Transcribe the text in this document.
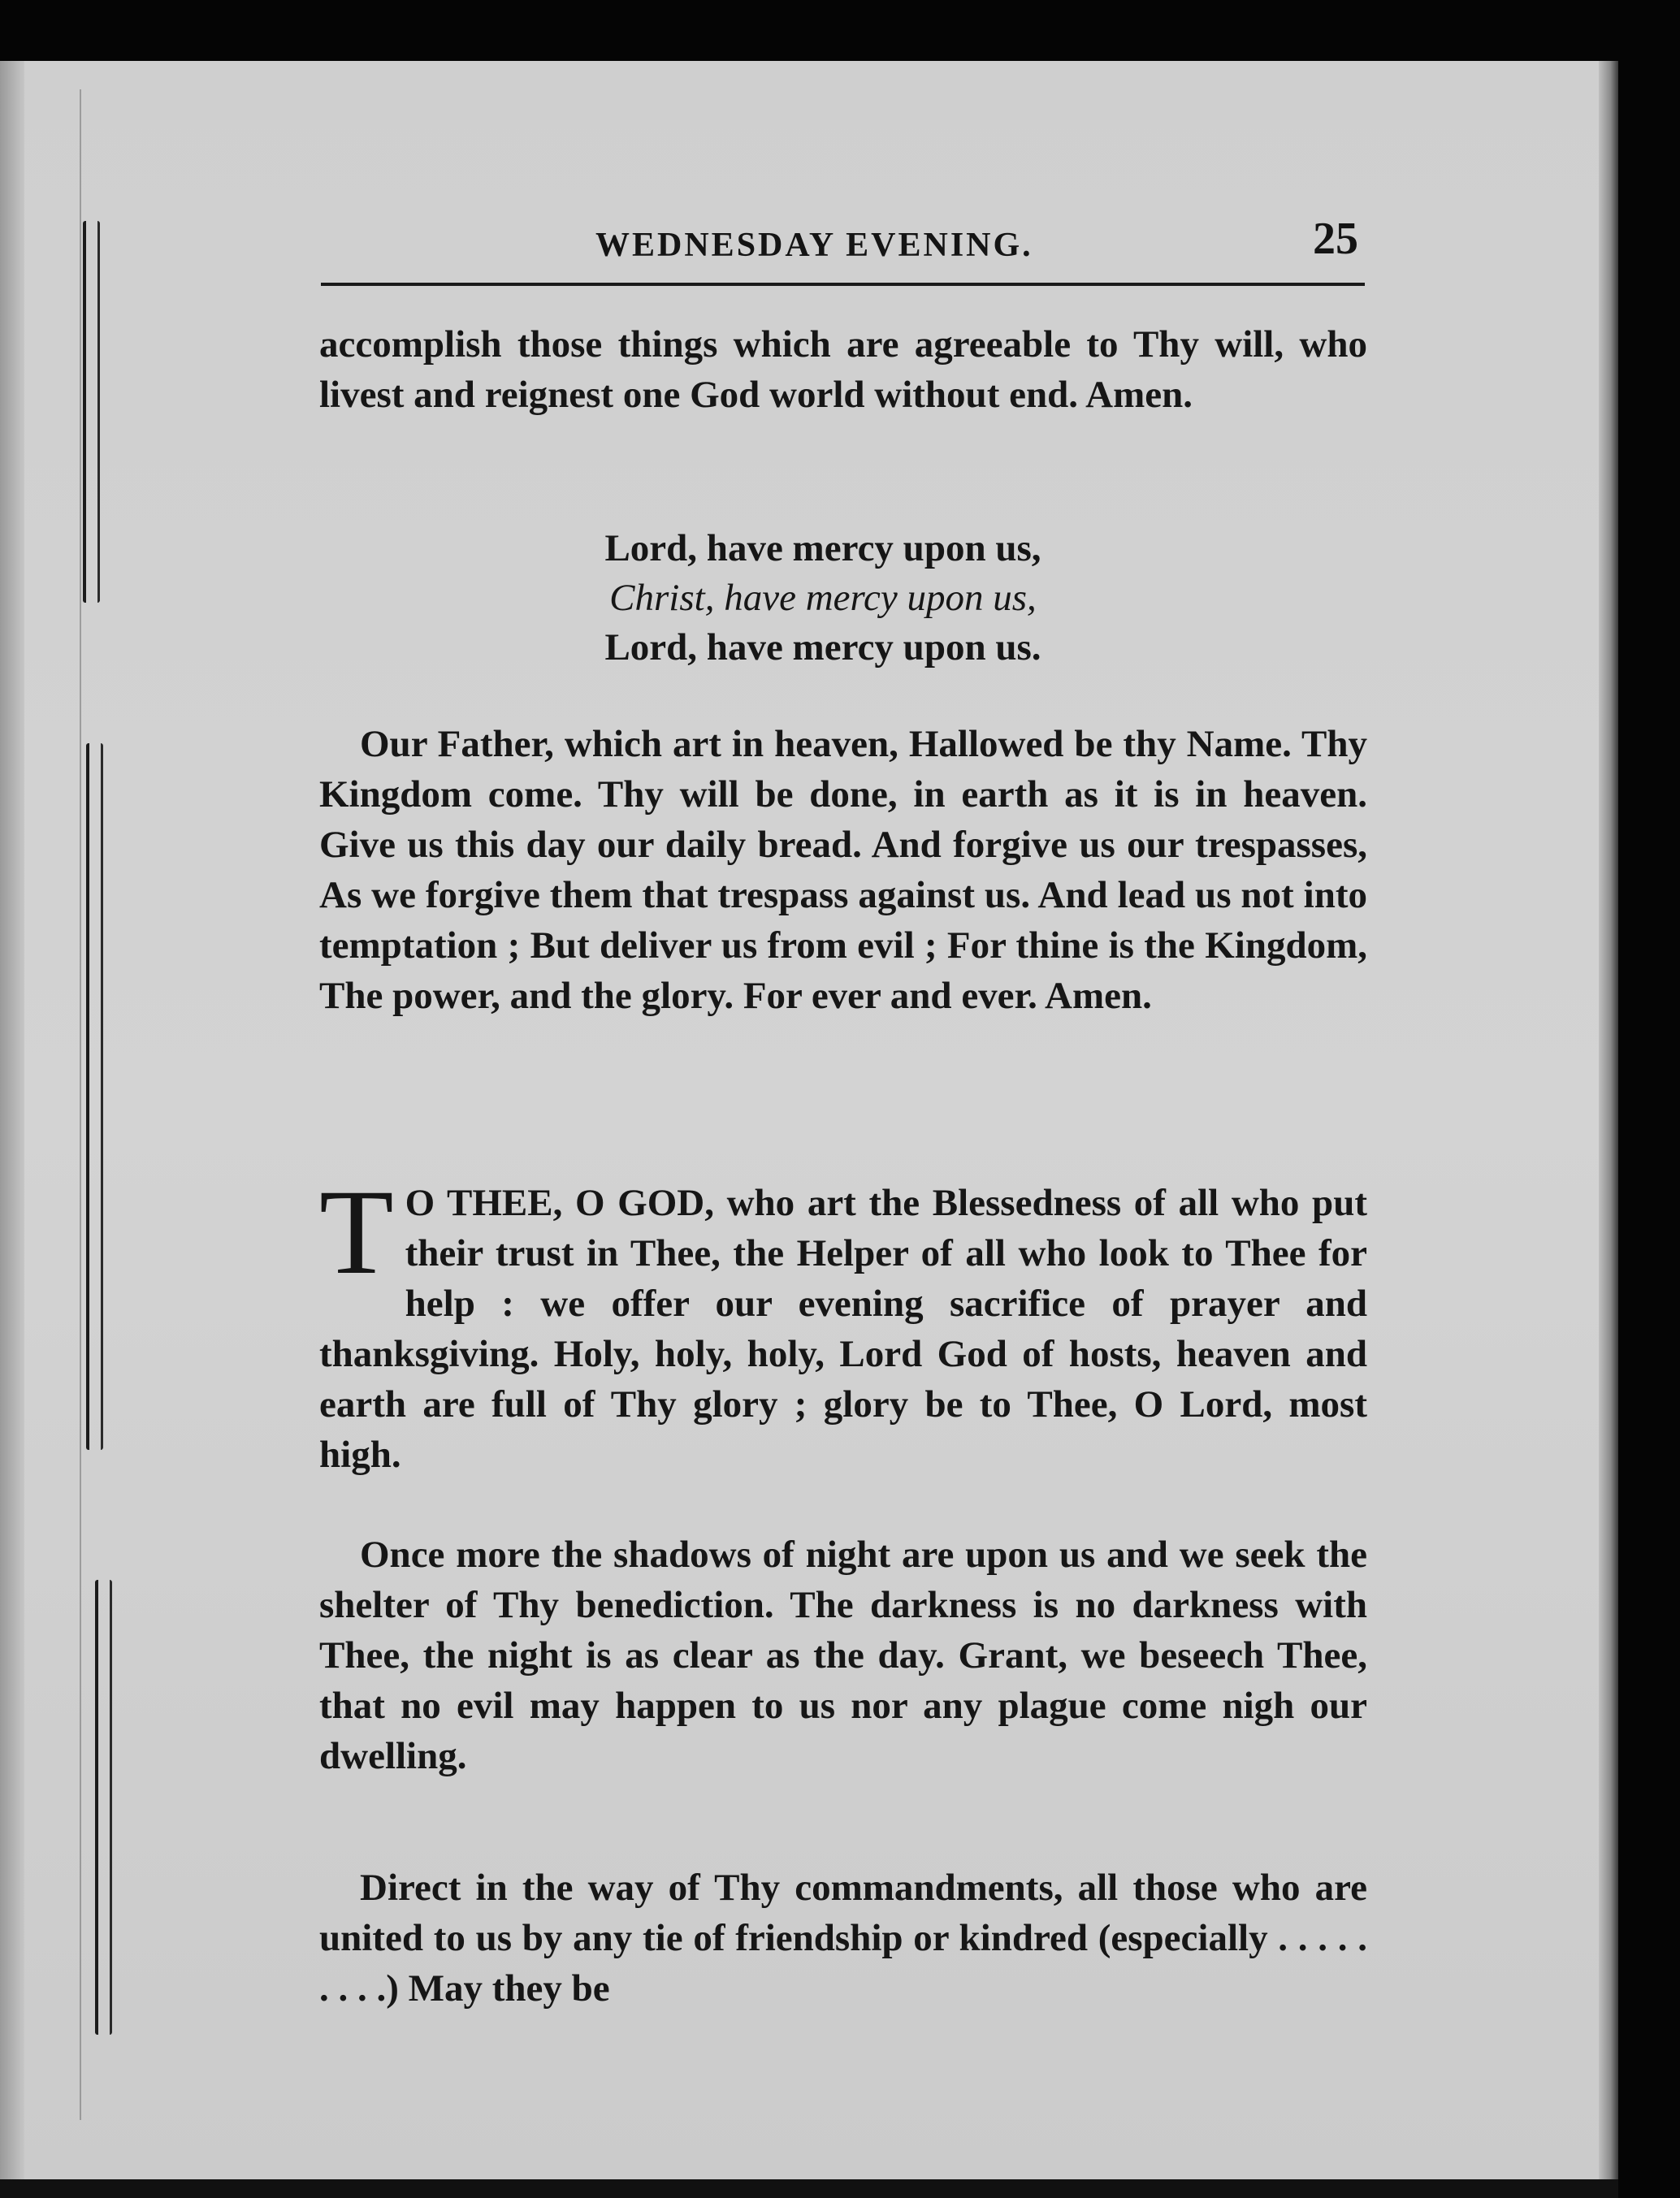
WEDNESDAY EVENING.	25

accomplish those things which are agreeable to Thy will, who livest and reignest one God world without end. Amen.

Lord, have mercy upon us,
Christ, have mercy upon us,
Lord, have mercy upon us.

Our Father, which art in heaven, Hallowed be thy Name. Thy Kingdom come. Thy will be done, in earth as it is in heaven. Give us this day our daily bread. And forgive us our trespasses, As we forgive them that trespass against us. And lead us not into temptation ; But deliver us from evil ; For thine is the Kingdom, The power, and the glory. For ever and ever. Amen.

T O THEE, O GOD, who art the Blessedness of all who put their trust in Thee, the Helper of all who look to Thee for help : we offer our evening sacrifice of prayer and thanksgiving. Holy, holy, holy, Lord God of hosts, heaven and earth are full of Thy glory ; glory be to Thee, O Lord, most high.

Once more the shadows of night are upon us and we seek the shelter of Thy benediction. The darkness is no darkness with Thee, the night is as clear as the day. Grant, we beseech Thee, that no evil may happen to us nor any plague come nigh our dwelling.

Direct in the way of Thy commandments, all those who are united to us by any tie of friendship or kindred (especially . . . . . . . . .) May they be
